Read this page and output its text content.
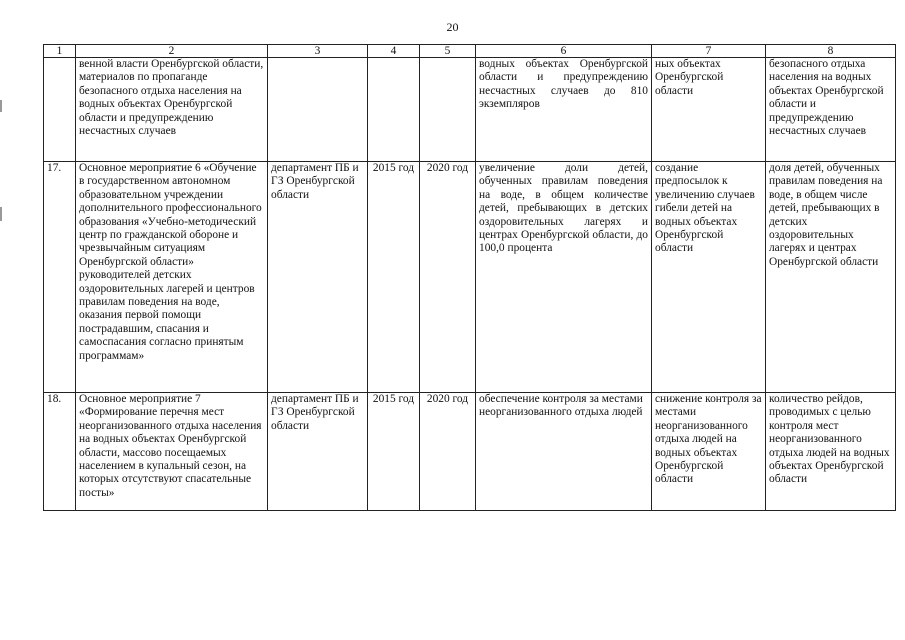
20
1	2	3	4	5	6	7	8
	венной власти Оренбургской области, материалов по пропаганде безопасного отдыха населения на водных объектах Оренбургской области и предупреждению несчастных случаев				водных объектах Оренбургской области и предупреждению несчастных случаев до 810 экземпляров	ных объектах Оренбургской области	безопасного отдыха населения на водных объектах Оренбургской области и предупреждению несчастных случаев
17.	Основное мероприятие 6 «Обучение в государственном автономном образовательном учреждении дополнительного профессионального образования «Учебно-методический центр по гражданской обороне и чрезвычайным ситуациям Оренбургской области» руководителей детских оздоровительных лагерей и центров правилам поведения на воде, оказания первой помощи пострадавшим, спасания и самоспасания согласно принятым программам»	департамент ПБ и ГЗ Оренбургской области	2015 год	2020 год	увеличение доли детей, обученных правилам поведения на воде, в общем количестве детей, пребывающих в детских оздоровительных лагерях и центрах Оренбургской области, до 100,0 процента	создание предпосылок к увеличению случаев гибели детей на водных объектах Оренбургской области	доля детей, обученных правилам поведения на воде, в общем числе детей, пребывающих в детских оздоровительных лагерях и центрах Оренбургской области
18.	Основное мероприятие 7 «Формирование перечня мест неорганизованного отдыха населения на водных объектах Оренбургской области, массово посещаемых населением в купальный сезон, на которых отсутствуют спасательные посты»	департамент ПБ и ГЗ Оренбургской области	2015 год	2020 год	обеспечение контроля за местами неорганизованного отдыха людей	снижение контроля за местами неорганизованного отдыха людей на водных объектах Оренбургской области	количество рейдов, проводимых с целью контроля мест неорганизованного отдыха людей на водных объектах Оренбургской области
